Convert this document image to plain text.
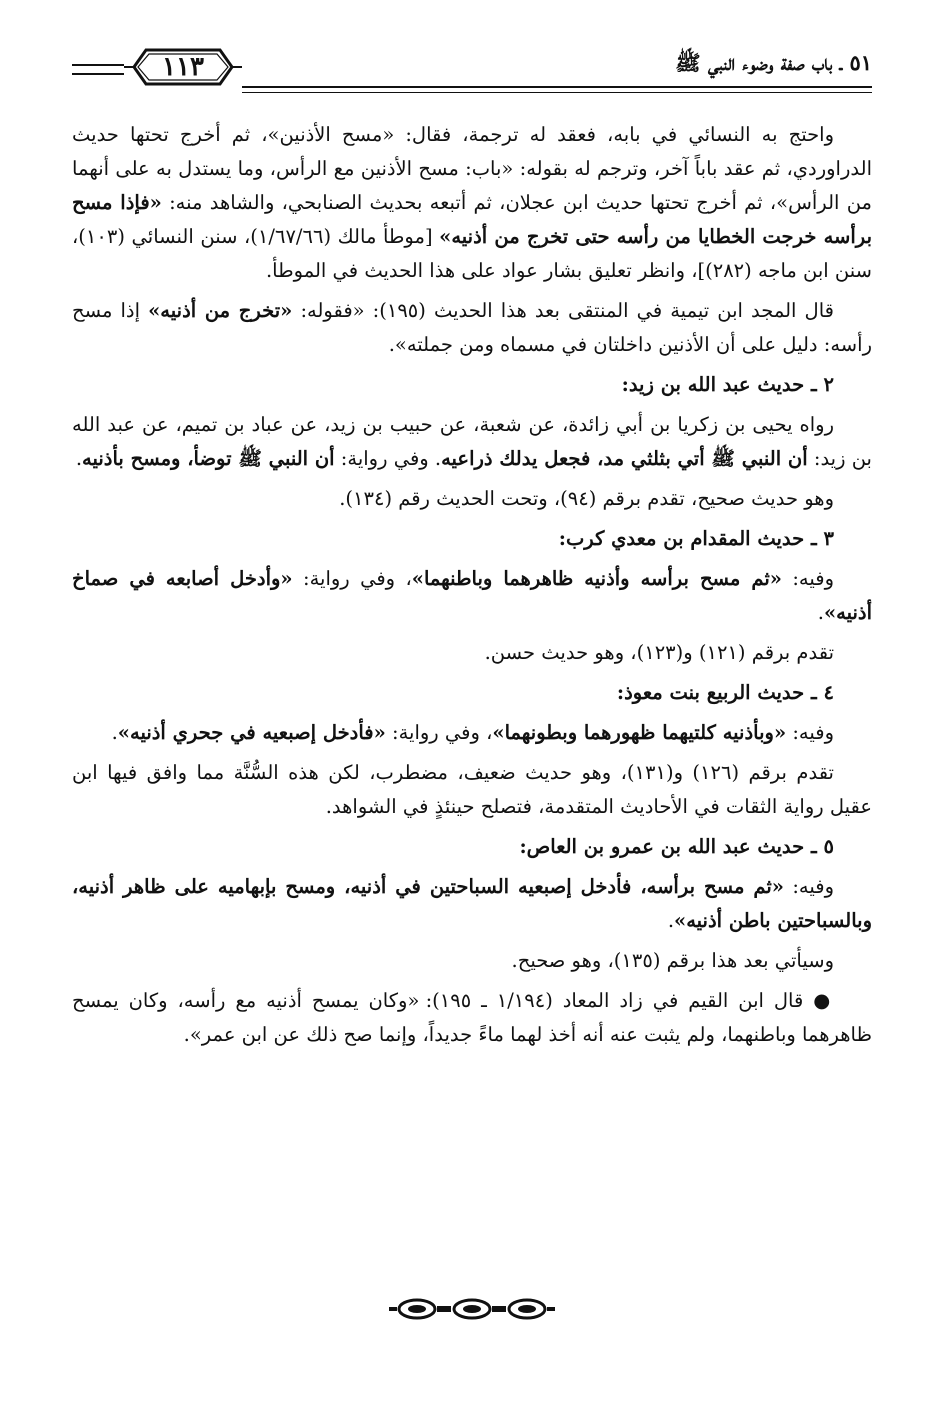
٥١ ـ باب صفة وضوء النبي ﷺ
١١٣

واحتج به النسائي في بابه، فعقد له ترجمة، فقال: «مسح الأذنين»، ثم أخرج تحتها حديث الدراوردي، ثم عقد باباً آخر، وترجم له بقوله: «باب: مسح الأذنين مع الرأس، وما يستدل به على أنهما من الرأس»، ثم أخرج تحتها حديث ابن عجلان، ثم أتبعه بحديث الصنابحي، والشاهد منه: «فإذا مسح برأسه خرجت الخطايا من رأسه حتى تخرج من أذنيه» [موطأ مالك (١/٦٧/٦٦)، سنن النسائي (١٠٣)، سنن ابن ماجه (٢٨٢)]، وانظر تعليق بشار عواد على هذا الحديث في الموطأ.

قال المجد ابن تيمية في المنتقى بعد هذا الحديث (١٩٥): «فقوله: «تخرج من أذنيه» إذا مسح رأسه: دليل على أن الأذنين داخلتان في مسماه ومن جملته».

٢ ـ حديث عبد الله بن زيد:

رواه يحيى بن زكريا بن أبي زائدة، عن شعبة، عن حبيب بن زيد، عن عباد بن تميم، عن عبد الله بن زيد: أن النبي ﷺ أتي بثلثي مد، فجعل يدلك ذراعيه. وفي رواية: أن النبي ﷺ توضأ، ومسح بأذنيه.

وهو حديث صحيح، تقدم برقم (٩٤)، وتحت الحديث رقم (١٣٤).

٣ ـ حديث المقدام بن معدي كرب:

وفيه: «ثم مسح برأسه وأذنيه ظاهرهما وباطنهما»، وفي رواية: «وأدخل أصابعه في صماخ أذنيه».

تقدم برقم (١٢١) و(١٢٣)، وهو حديث حسن.

٤ ـ حديث الربيع بنت معوذ:

وفيه: «وبأذنيه كلتيهما ظهورهما وبطونهما»، وفي رواية: «فأدخل إصبعيه في جحري أذنيه».

تقدم برقم (١٢٦) و(١٣١)، وهو حديث ضعيف، مضطرب، لكن هذه السُّنَّة مما وافق فيها ابن عقيل رواية الثقات في الأحاديث المتقدمة، فتصلح حينئذٍ في الشواهد.

٥ ـ حديث عبد الله بن عمرو بن العاص:

وفيه: «ثم مسح برأسه، فأدخل إصبعيه السباحتين في أذنيه، ومسح بإبهاميه على ظاهر أذنيه، وبالسباحتين باطن أذنيه».

وسيأتي بعد هذا برقم (١٣٥)، وهو صحيح.

● قال ابن القيم في زاد المعاد (١/١٩٤ ـ ١٩٥): «وكان يمسح أذنيه مع رأسه، وكان يمسح ظاهرهما وباطنهما، ولم يثبت عنه أنه أخذ لهما ماءً جديداً، وإنما صح ذلك عن ابن عمر».
